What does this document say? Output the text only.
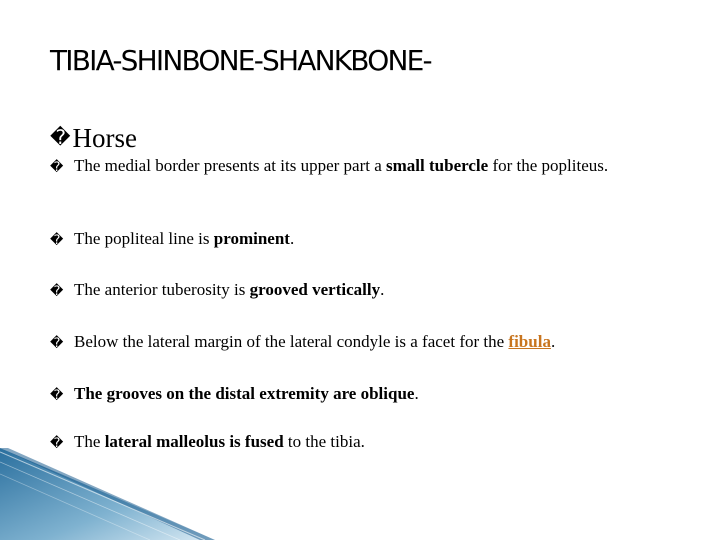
TIBIA-SHINBONE-SHANKBONE-
�Horse
� The medial border presents at its upper part a small tubercle for the popliteus.
� The popliteal line is prominent.
� The anterior tuberosity is grooved vertically.
� Below the lateral margin of the lateral condyle is a facet for the fibula.
� The grooves on the distal extremity are oblique.
� The lateral malleolus is fused to the tibia.
